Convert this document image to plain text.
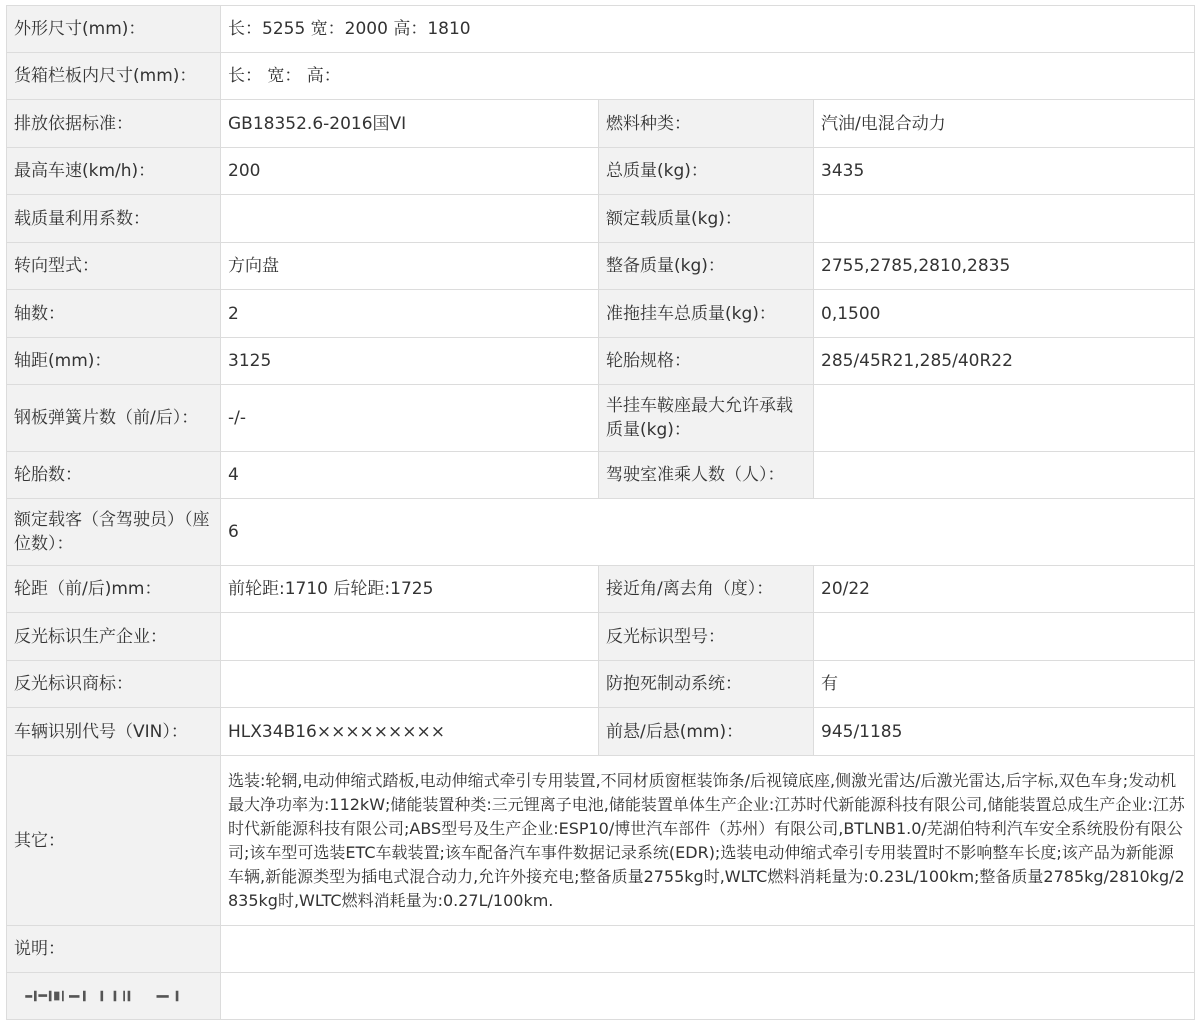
外形尺寸(mm)：	长：5255 宽：2000 高：1810		
货箱栏板内尺寸(mm)：	长： 宽： 高：		
排放依据标准：	GB18352.6-2016国VI	燃料种类：	汽油/电混合动力
最高车速(km/h)：	200	总质量(kg)：	3435
载质量利用系数：		额定载质量(kg)：	
转向型式：	方向盘	整备质量(kg)：	2755,2785,2810,2835
轴数：	2	准拖挂车总质量(kg)：	0,1500
轴距(mm)：	3125	轮胎规格：	285/45R21,285/40R22
钢板弹簧片数（前/后）：	-/-	半挂车鞍座最大允许承载质量(kg)：	
轮胎数：	4	驾驶室准乘人数（人）：	
额定载客（含驾驶员）（座位数）：	6		
轮距（前/后)mm：	前轮距:1710 后轮距:1725	接近角/离去角（度）：	20/22
反光标识生产企业：		反光标识型号：	
反光标识商标：		防抱死制动系统：	有
车辆识别代号（VIN）：	HLX34B16×××××××××	前悬/后悬(mm)：	945/1185
其它：	选装:轮辋,电动伸缩式踏板,电动伸缩式牵引专用装置,不同材质窗框装饰条/后视镜底座,侧激光雷达/后激光雷达,后字标,双色车身;发动机最大净功率为:112kW;储能装置种类:三元锂离子电池,储能装置单体生产企业:江苏时代新能源科技有限公司,储能装置总成生产企业:江苏时代新能源科技有限公司;ABS型号及生产企业:ESP10/博世汽车部件（苏州）有限公司,BTLNB1.0/芜湖伯特利汽车安全系统股份有限公司;该车型可选装ETC车载装置;该车配备汽车事件数据记录系统(EDR);选装电动伸缩式牵引专用装置时不影响整车长度;该产品为新能源车辆,新能源类型为插电式混合动力,允许外接充电;整备质量2755kg时,WLTC燃料消耗量为:0.23L/100km;整备质量2785kg/2810kg/2835kg时,WLTC燃料消耗量为:0.27L/100km.		
说明：			
